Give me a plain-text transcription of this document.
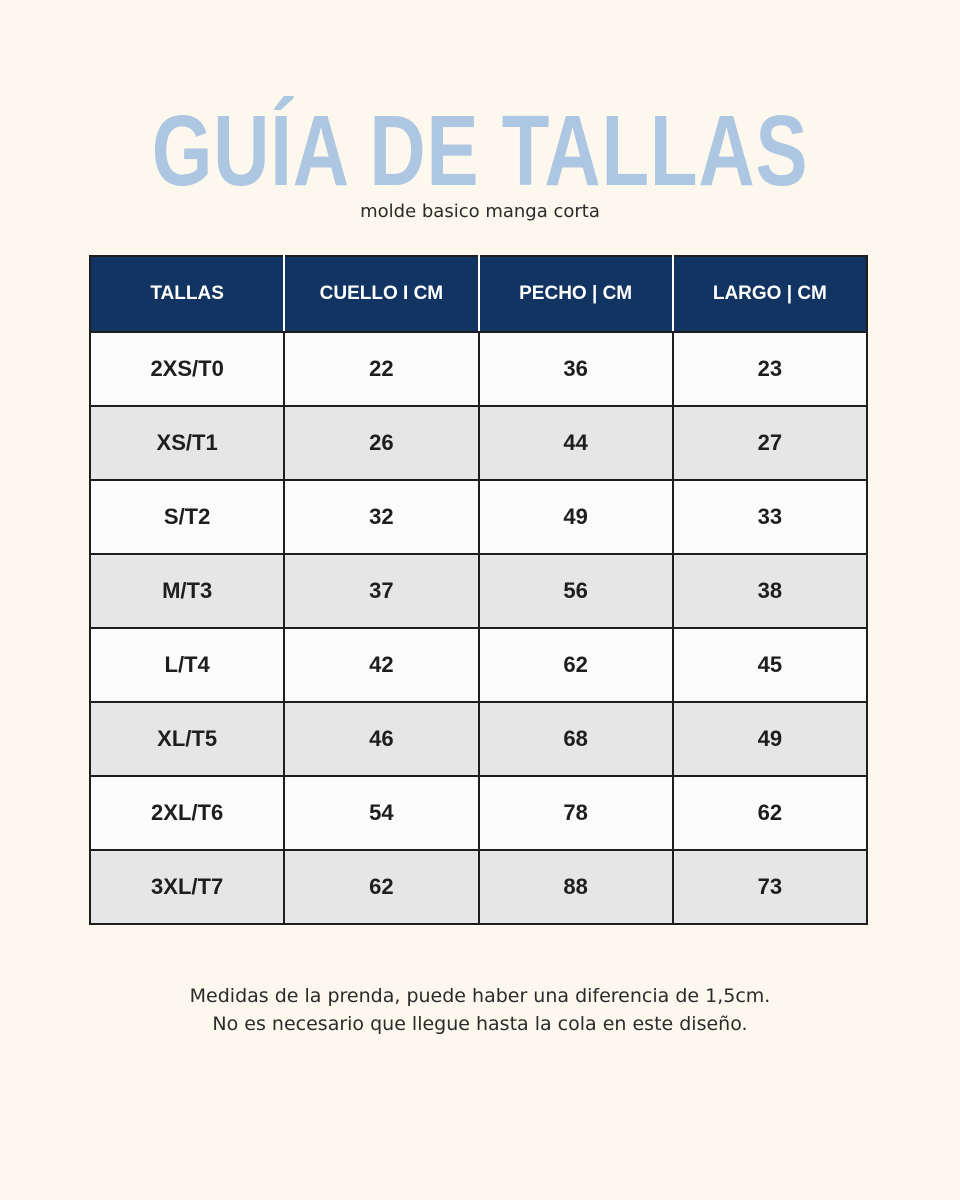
GUÍA DE TALLAS
molde basico manga corta
TALLAS	CUELLO I CM	PECHO | CM	LARGO | CM
2XS/T0	22	36	23
XS/T1	26	44	27
S/T2	32	49	33
M/T3	37	56	38
L/T4	42	62	45
XL/T5	46	68	49
2XL/T6	54	78	62
3XL/T7	62	88	73
Medidas de la prenda, puede haber una diferencia de 1,5cm.
No es necesario que llegue hasta la cola en este diseño.
